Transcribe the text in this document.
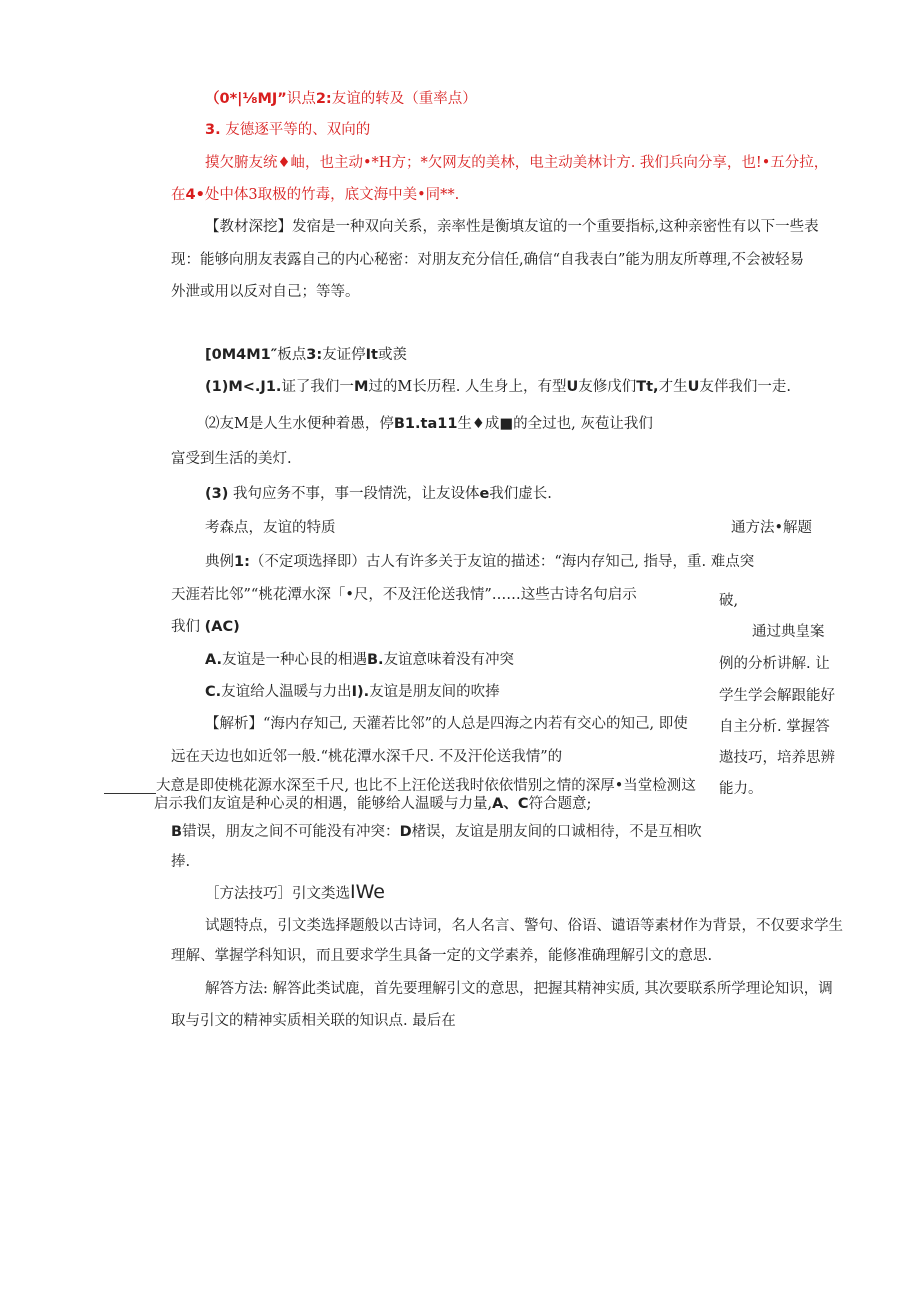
（0*|⅛MJ”识点2:友谊的转及（重率点）
3. 友德逐平等的、双向的
摸欠腑友统♦岫，也主动•*H方；*欠网友的美林，电主动美林计方. 我们兵向分享，也!•五分拉，
在4•处中体3取极的竹毒，底文海中美•同**.
【教材深挖】发宿是一种双向关系，亲率性是衡填友谊的一个重要指标,这种亲密性有以下一些表
现：能够向朋友表露自己的内心秘密：对朋友充分信任,确信“自我表白”能为朋友所尊理,不会被轻易
外泄或用以反对自己；等等。
[0M4M1″板点3:友证停It或羡
(1)M<.J1.证了我们一M过的M长历程. 人生身上，有型U友修戊们Tt,才生U友伴我们一走.
⑵友M是人生水便种着愚，停B1.ta11生♦成■的全过也, 灰苞让我们
富受到生活的美灯.
(3) 我句应务不事，事一段情洗，让友设体e我们虚长.
考森点，友谊的特质
典例1:（不定项选择即）古人有许多关于友谊的描述：“海内存知己, 指导，重. 难点突
天涯若比邻”“桃花潭水深「•尺，不及汪伦送我情”……这些古诗名句启示
我们 (AC)
A.友谊是一种心艮的相遇B.友谊意味着没有冲突
C.友谊给人温暖与力出I).友谊是朋友间的吹捧
【解析】“海内存知己, 天灌若比邻”的人总是四海之内若有交心的知己, 即使
远在天边也如近邻一般.“桃花潭水深千尺. 不及汗伦送我情”的
大意是即使桃花源水深至千尺, 也比不上汪伦送我时依依惜别之情的深厚•当堂检测这
启示我们友谊是种心灵的相遇，能够给人温暖与力量,A、C符合题意;
B错误，朋友之间不可能没有冲突：D楮误，友谊是朋友间的口诚相待，不是互相吹
捧.
通方法•解题
破,
通过典皇案
例的分析讲解. 让
学生学会解跟能好
自主分析. 掌握答
遨技巧，培养思辨
能力。
［方法技巧］引文类选IWe
试题特点，引文类选择题般以古诗词，名人名言、警句、俗语、谴语等素材作为背景，不仅要求学生
理解、掌握学科知识，而且要求学生具备一定的文学素养，能修准确理解引文的意思.
解答方法: 解答此类试鹿，首先要理解引文的意思，把握其精神实质, 其次要联系所学理论知识，调
取与引文的精神实质相关联的知识点. 最后在
